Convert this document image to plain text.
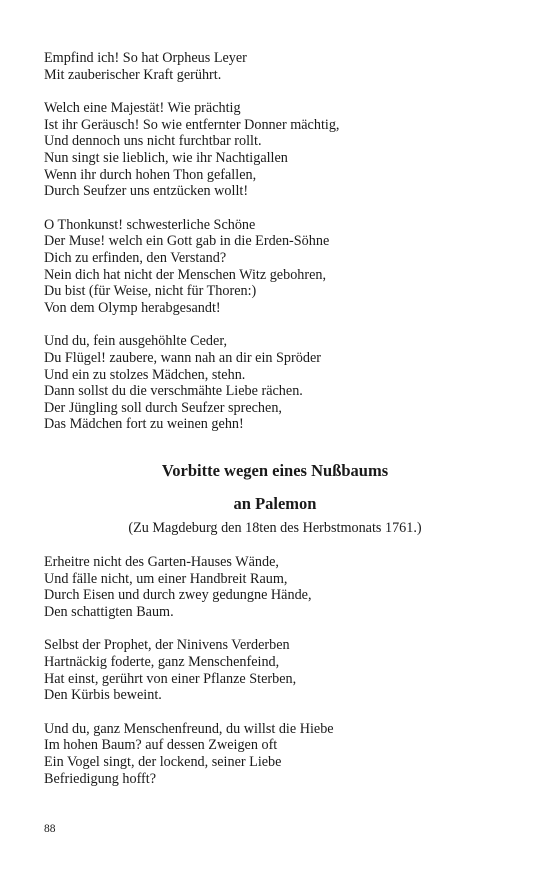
Empfind ich! So hat Orpheus Leyer
Mit zauberischer Kraft gerührt.
Welch eine Majestät! Wie prächtig
Ist ihr Geräusch! So wie entfernter Donner mächtig,
Und dennoch uns nicht furchtbar rollt.
Nun singt sie lieblich, wie ihr Nachtigallen
Wenn ihr durch hohen Thon gefallen,
Durch Seufzer uns entzücken wollt!
O Thonkunst! schwesterliche Schöne
Der Muse! welch ein Gott gab in die Erden-Söhne
Dich zu erfinden, den Verstand?
Nein dich hat nicht der Menschen Witz gebohren,
Du bist (für Weise, nicht für Thoren:)
Von dem Olymp herabgesandt!
Und du, fein ausgehöhlte Ceder,
Du Flügel! zaubere, wann nah an dir ein Spröder
Und ein zu stolzes Mädchen, stehn.
Dann sollst du die verschmähte Liebe rächen.
Der Jüngling soll durch Seufzer sprechen,
Das Mädchen fort zu weinen gehn!
Vorbitte wegen eines Nußbaums
an Palemon
(Zu Magdeburg den 18ten des Herbstmonats 1761.)
Erheitre nicht des Garten-Hauses Wände,
Und fälle nicht, um einer Handbreit Raum,
Durch Eisen und durch zwey gedungne Hände,
Den schattigten Baum.
Selbst der Prophet, der Ninivens Verderben
Hartnäckig foderte, ganz Menschenfeind,
Hat einst, gerührt von einer Pflanze Sterben,
Den Kürbis beweint.
Und du, ganz Menschenfreund, du willst die Hiebe
Im hohen Baum? auf dessen Zweigen oft
Ein Vogel singt, der lockend, seiner Liebe
Befriedigung hofft?
88
